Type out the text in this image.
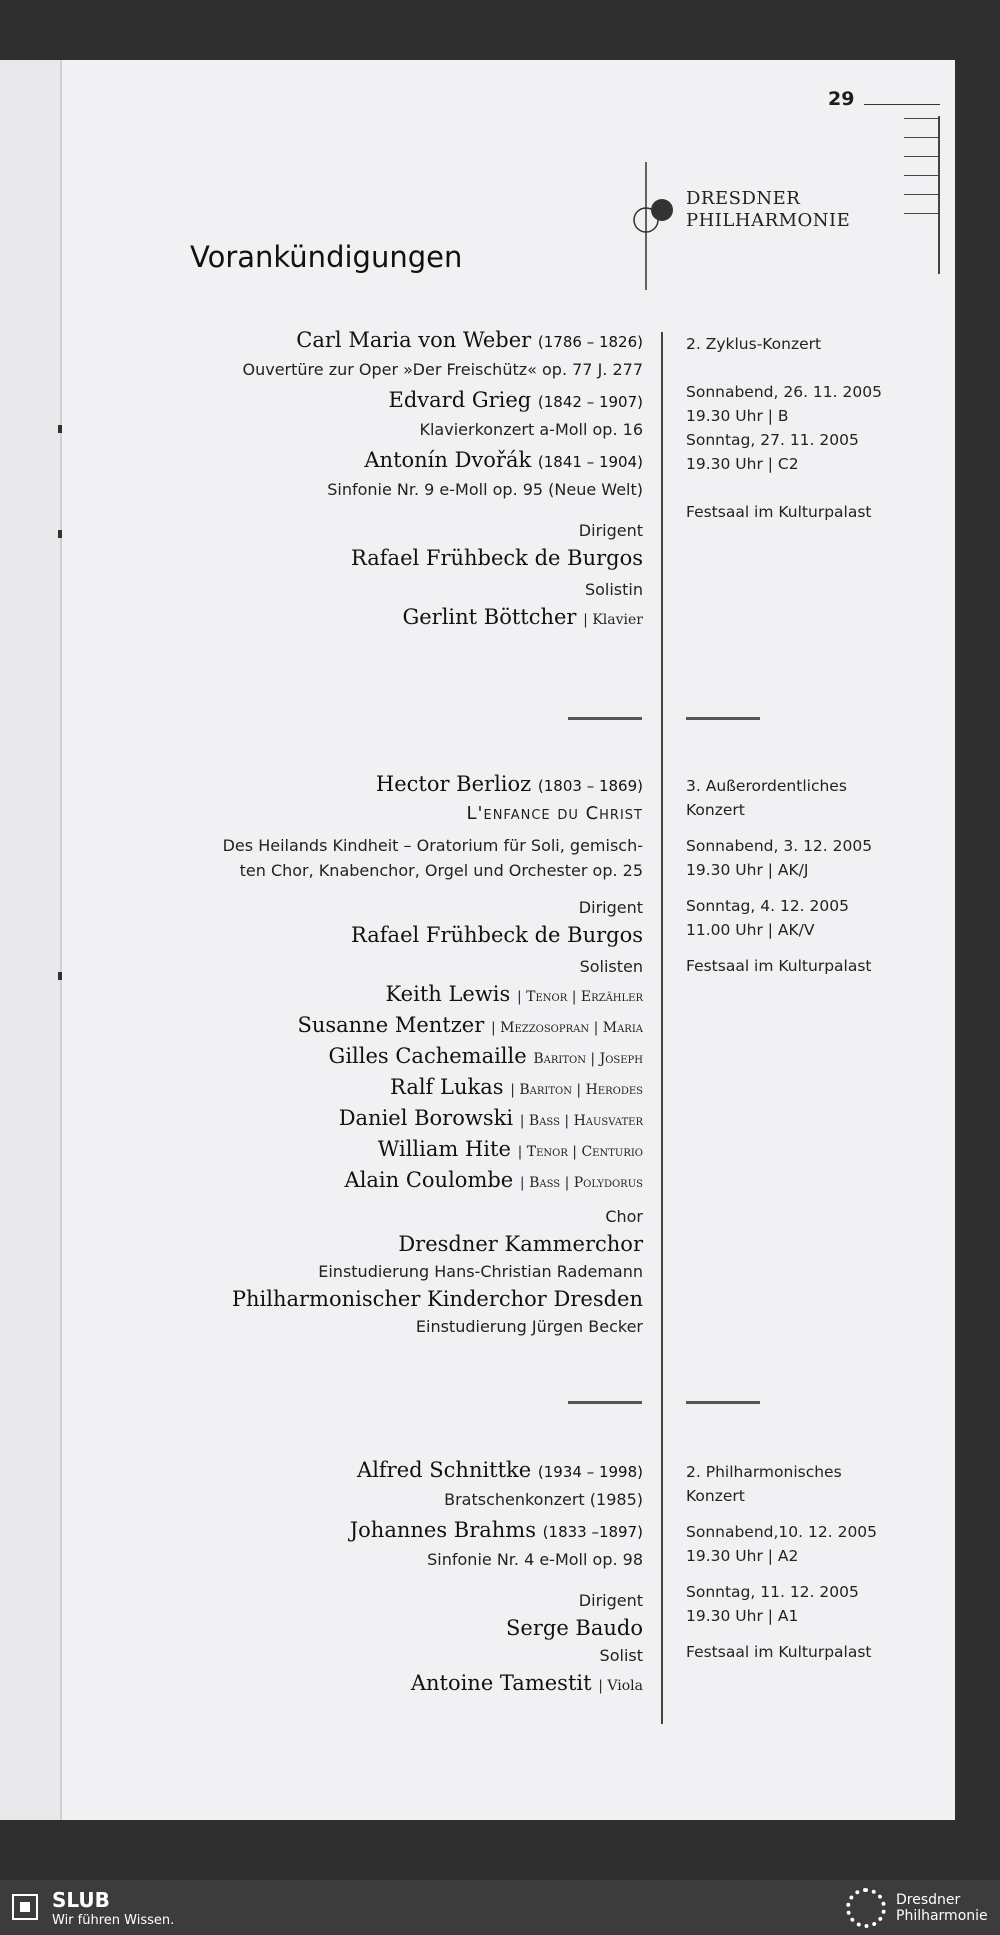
29
DRESDNER
PHILHARMONIE
Vorankündigungen
Carl Maria von Weber (1786 – 1826)
Ouvertüre zur Oper »Der Freischütz« op. 77 J. 277
Edvard Grieg (1842 – 1907)
Klavierkonzert a-Moll op. 16
Antonín Dvořák (1841 – 1904)
Sinfonie Nr. 9 e-Moll op. 95 (Neue Welt)
Dirigent
Rafael Frühbeck de Burgos
Solistin
Gerlint Böttcher | Klavier
2. Zyklus-Konzert
Sonnabend, 26. 11. 2005
19.30 Uhr | B
Sonntag, 27. 11. 2005
19.30 Uhr | C2
Festsaal im Kulturpalast
Hector Berlioz (1803 – 1869)
L'enfance du Christ
Des Heilands Kindheit – Oratorium für Soli, gemisch-
ten Chor, Knabenchor, Orgel und Orchester op. 25
Dirigent
Rafael Frühbeck de Burgos
Solisten
Keith Lewis | Tenor | Erzähler
Susanne Mentzer | Mezzosopran | Maria
Gilles Cachemaille Bariton | Joseph
Ralf Lukas | Bariton | Herodes
Daniel Borowski | Bass | Hausvater
William Hite | Tenor | Centurio
Alain Coulombe | Bass | Polydorus
Chor
Dresdner Kammerchor
Einstudierung Hans-Christian Rademann
Philharmonischer Kinderchor Dresden
Einstudierung Jürgen Becker
3. Außerordentliches
Konzert
Sonnabend, 3. 12. 2005
19.30 Uhr | AK/J
Sonntag, 4. 12. 2005
11.00 Uhr | AK/V
Festsaal im Kulturpalast
Alfred Schnittke (1934 – 1998)
Bratschenkonzert (1985)
Johannes Brahms (1833 –1897)
Sinfonie Nr. 4 e-Moll op. 98
Dirigent
Serge Baudo
Solist
Antoine Tamestit | Viola
2. Philharmonisches
Konzert
Sonnabend,10. 12. 2005
19.30 Uhr | A2
Sonntag, 11. 12. 2005
19.30 Uhr | A1
Festsaal im Kulturpalast
SLUB
Wir führen Wissen.
Dresdner
Philharmonie
